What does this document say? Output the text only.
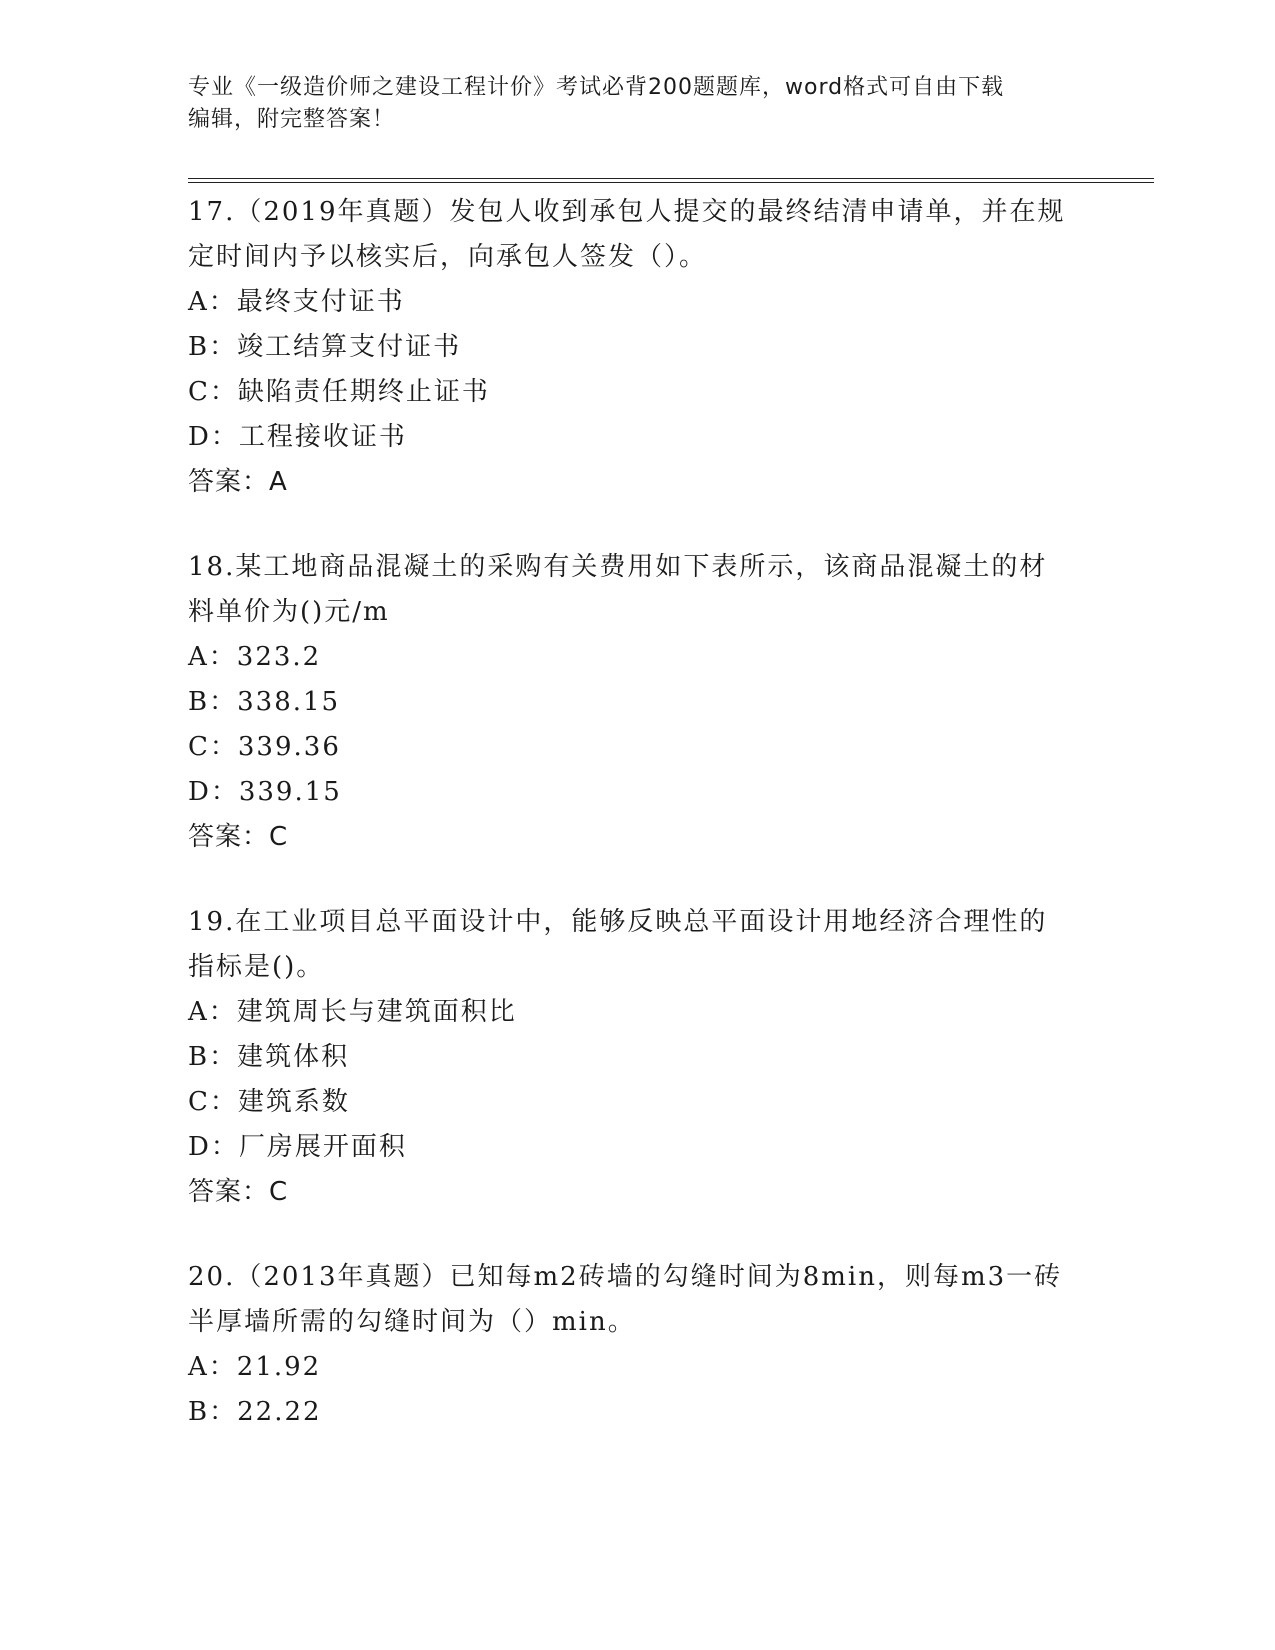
专业《一级造价师之建设工程计价》考试必背200题题库，word格式可自由下载
编辑，附完整答案！

17.（2019年真题）发包人收到承包人提交的最终结清申请单，并在规

定时间内予以核实后，向承包人签发（）。

A：最终支付证书

B：竣工结算支付证书

C：缺陷责任期终止证书

D：工程接收证书

答案：A

18.某工地商品混凝土的采购有关费用如下表所示，该商品混凝土的材

料单价为()元/m

A：323.2

B：338.15

C：339.36

D：339.15

答案：C

19.在工业项目总平面设计中，能够反映总平面设计用地经济合理性的

指标是()。

A：建筑周长与建筑面积比

B：建筑体积

C：建筑系数

D：厂房展开面积

答案：C

20.（2013年真题）已知每m2砖墙的勾缝时间为8min，则每m3一砖

半厚墙所需的勾缝时间为（）min。

A：21.92

B：22.22
